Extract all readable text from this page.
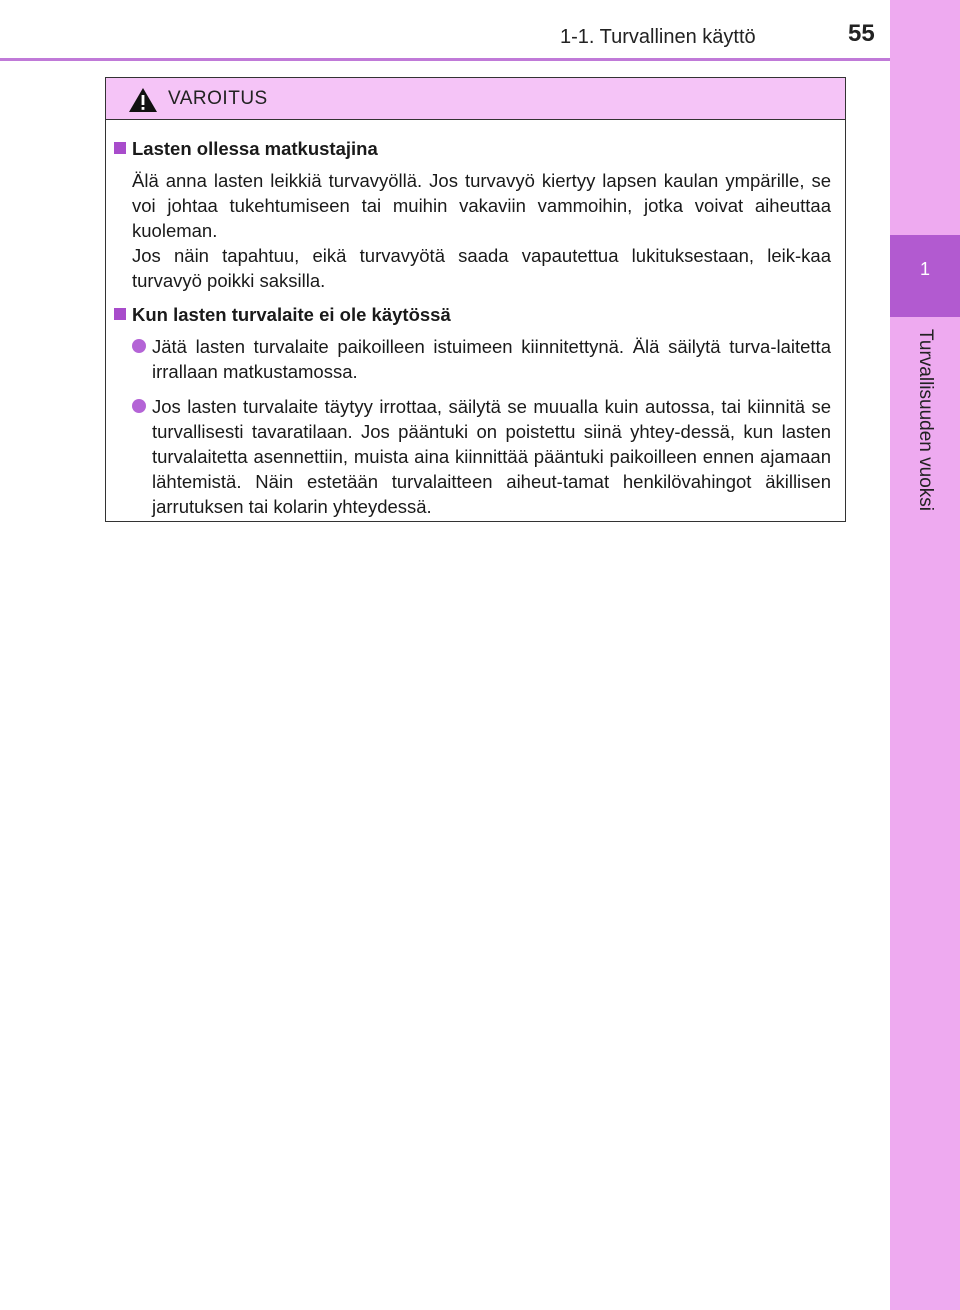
1-1. Turvallinen käyttö	55
1
Turvallisuuden vuoksi
VAROITUS
Lasten ollessa matkustajina
Älä anna lasten leikkiä turvavyöllä. Jos turvavyö kiertyy lapsen kaulan ympärille, se voi johtaa tukehtumiseen tai muihin vakaviin vammoihin, jotka voivat aiheuttaa kuoleman.
Jos näin tapahtuu, eikä turvavyötä saada vapautettua lukituksestaan, leik-kaa turvavyö poikki saksilla.
Kun lasten turvalaite ei ole käytössä
Jätä lasten turvalaite paikoilleen istuimeen kiinnitettynä. Älä säilytä turva-laitetta irrallaan matkustamossa.
Jos lasten turvalaite täytyy irrottaa, säilytä se muualla kuin autossa, tai kiinnitä se turvallisesti tavaratilaan. Jos pääntuki on poistettu siinä yhtey-dessä, kun lasten turvalaitetta asennettiin, muista aina kiinnittää pääntuki paikoilleen ennen ajamaan lähtemistä. Näin estetään turvalaitteen aiheut-tamat henkilövahingot äkillisen jarrutuksen tai kolarin yhteydessä.
